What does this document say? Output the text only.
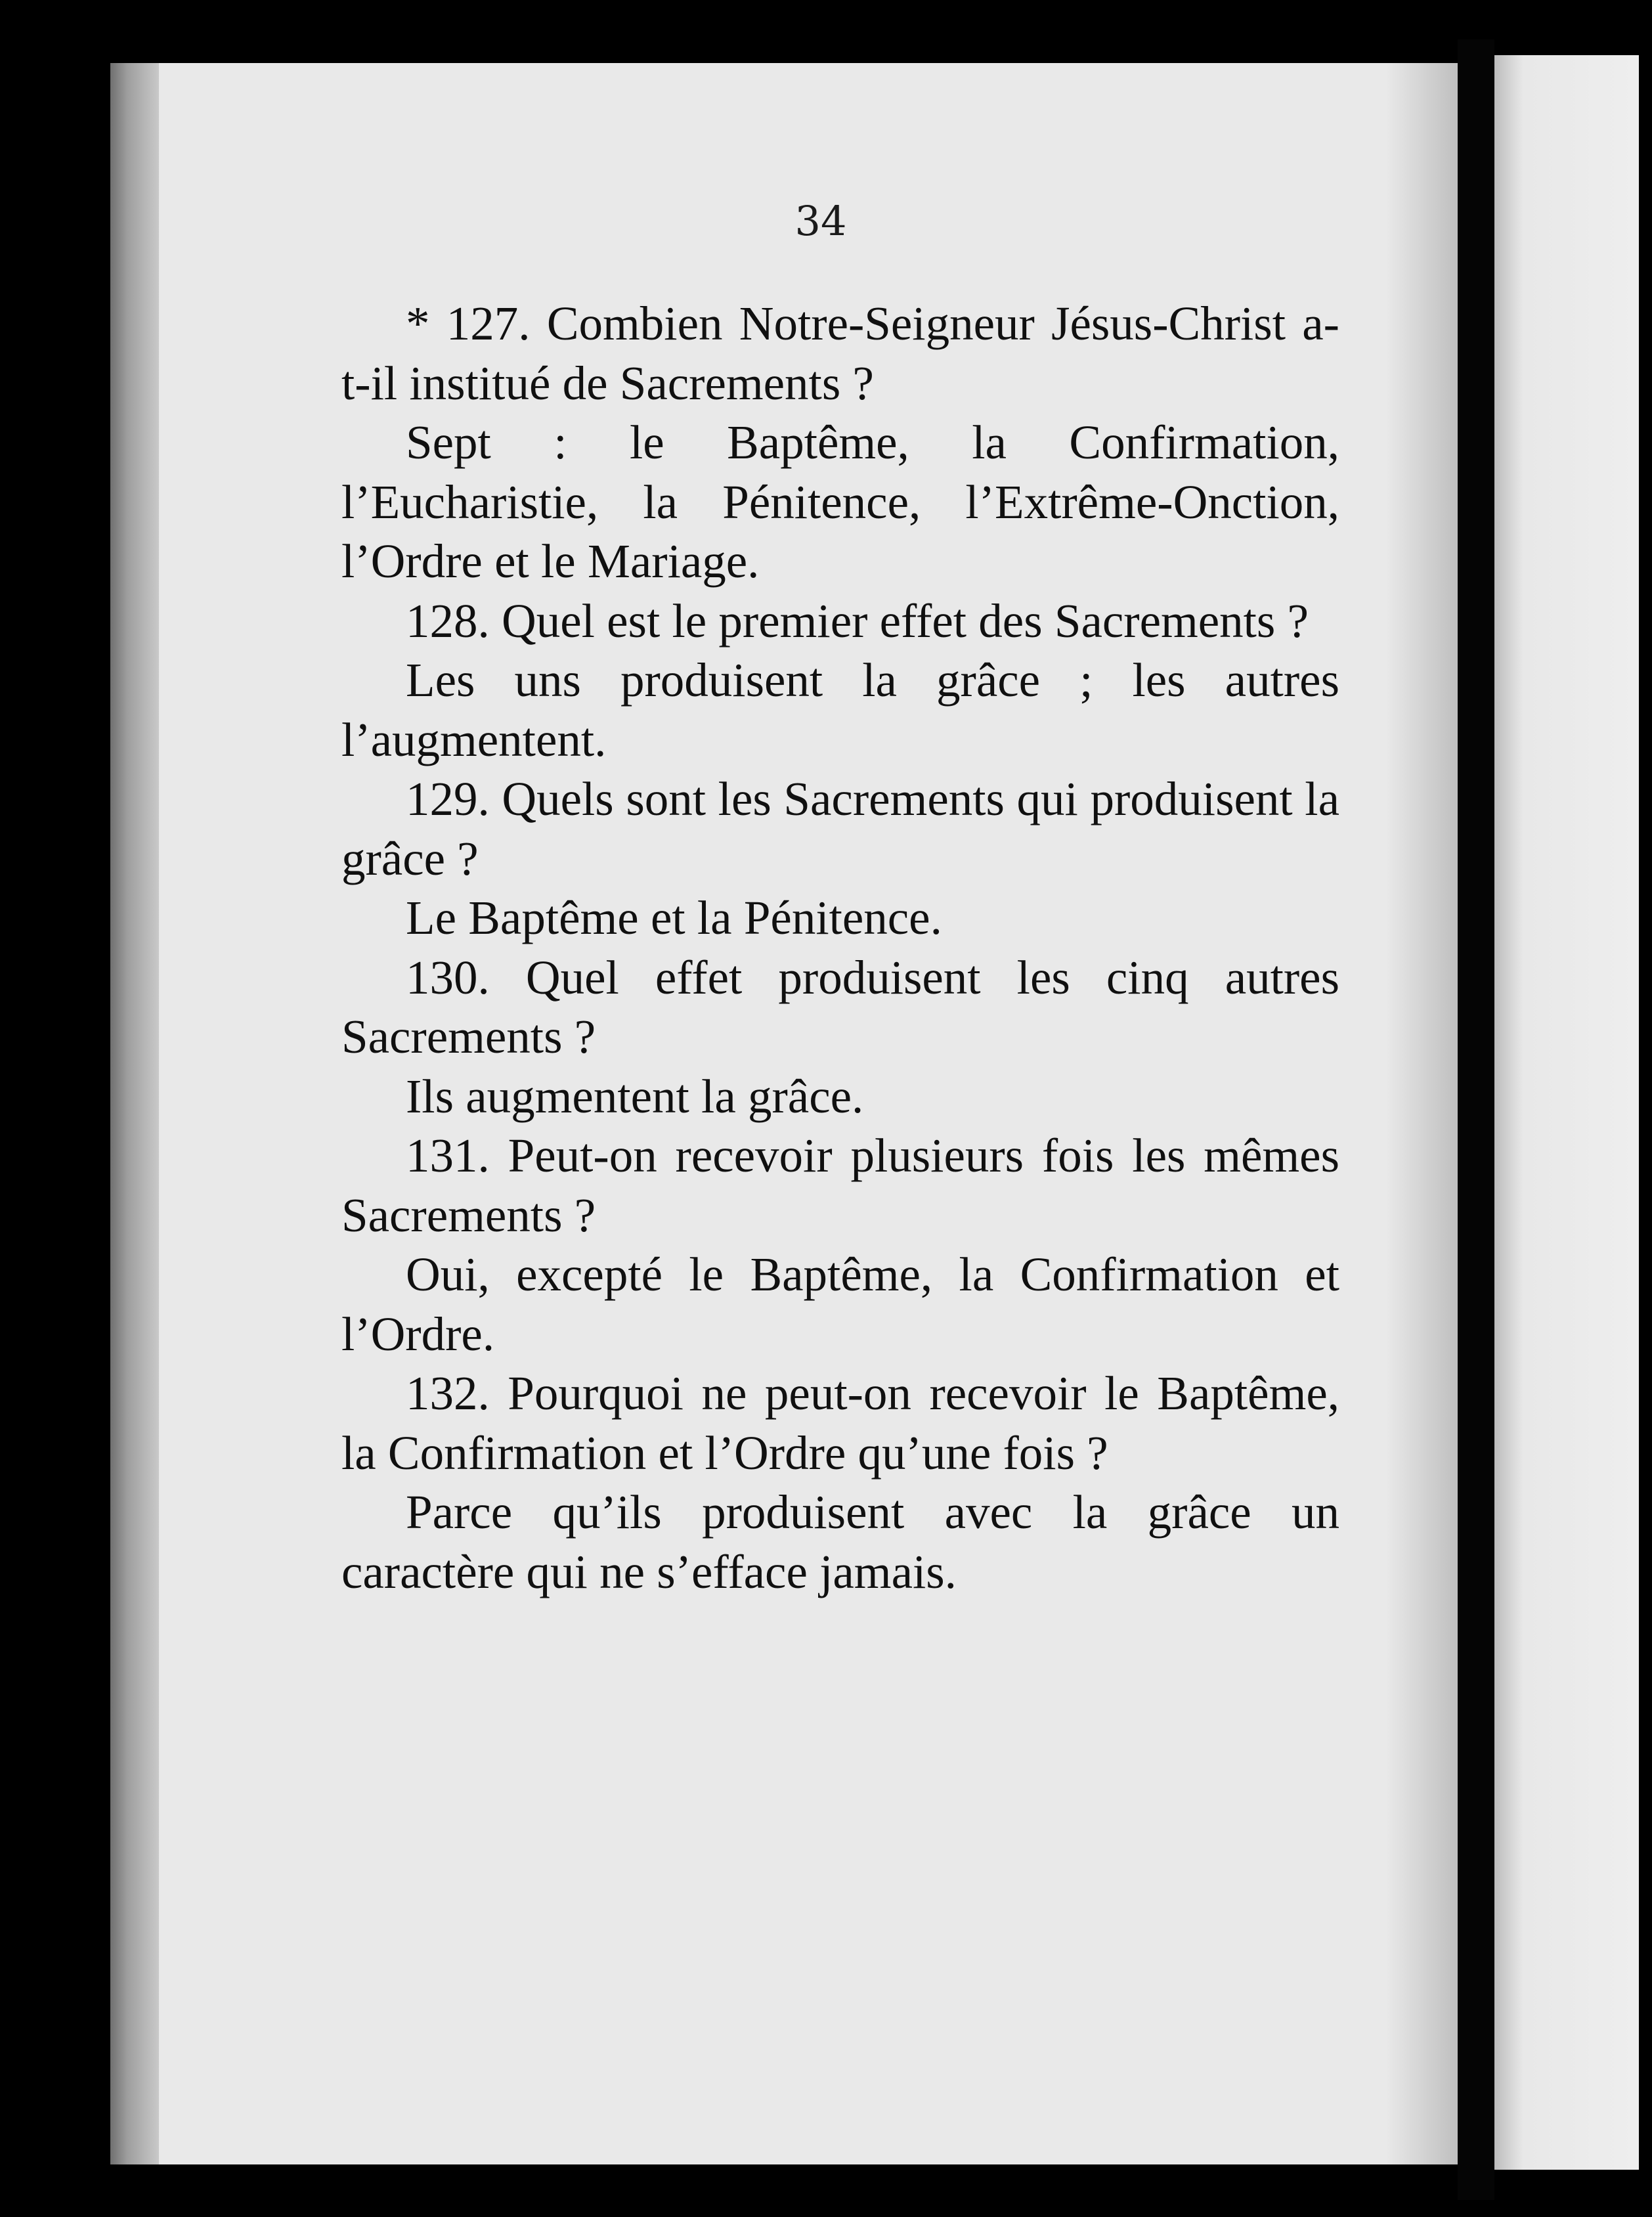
34

* 127. Combien Notre-Seigneur Jésus-Christ a-t-il institué de Sacrements ?

Sept : le Baptême, la Confirmation, l’Eucharistie, la Pénitence, l’Extrême-Onction, l’Ordre et le Mariage.

128. Quel est le premier effet des Sacrements ?

Les uns produisent la grâce ; les autres l’augmentent.

129. Quels sont les Sacrements qui produisent la grâce ?

Le Baptême et la Pénitence.

130. Quel effet produisent les cinq autres Sacrements ?

Ils augmentent la grâce.

131. Peut-on recevoir plusieurs fois les mêmes Sacrements ?

Oui, excepté le Baptême, la Confirmation et l’Ordre.

132. Pourquoi ne peut-on recevoir le Baptême, la Confirmation et l’Ordre qu’une fois ?

Parce qu’ils produisent avec la grâce un caractère qui ne s’efface jamais.
